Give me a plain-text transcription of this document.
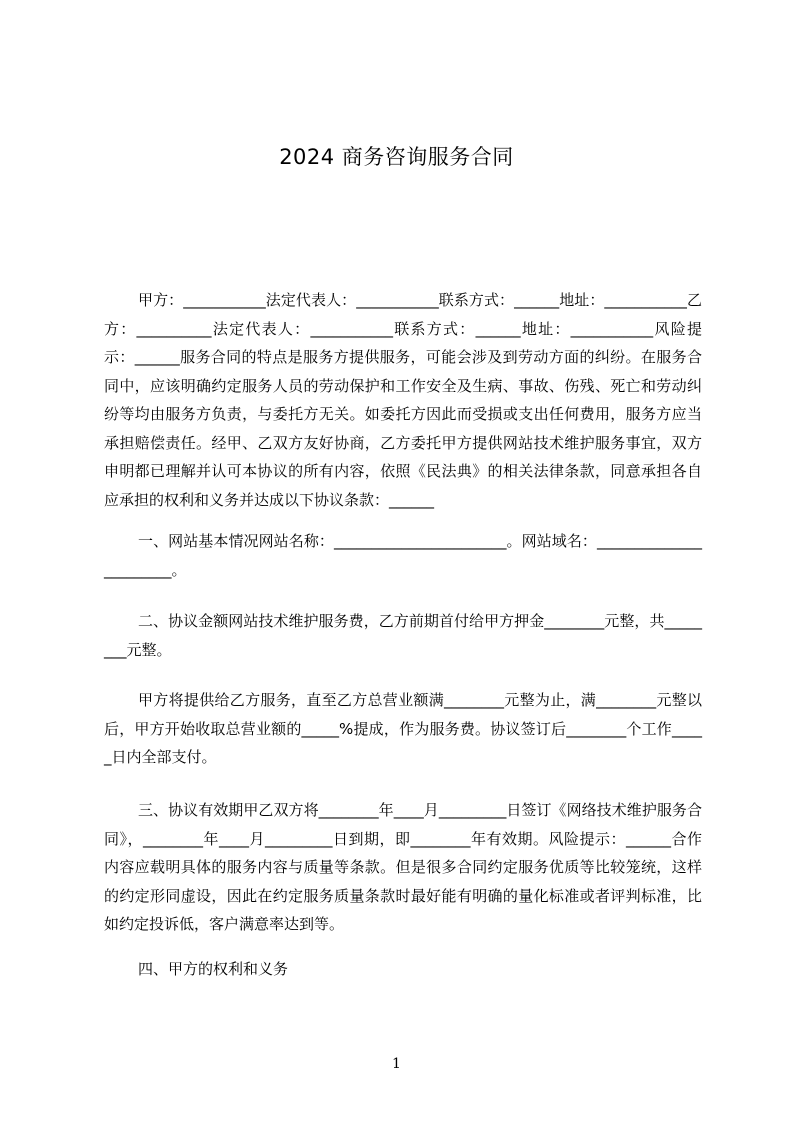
2024 商务咨询服务合同
甲方：___________法定代表人：___________联系方式：______地址：___________乙方：__________法定代表人：___________联系方式：______地址：___________风险提示：______服务合同的特点是服务方提供服务，可能会涉及到劳动方面的纠纷。在服务合同中，应该明确约定服务人员的劳动保护和工作安全及生病、事故、伤残、死亡和劳动纠纷等均由服务方负责，与委托方无关。如委托方因此而受损或支出任何费用，服务方应当承担赔偿责任。经甲、乙双方友好协商，乙方委托甲方提供网站技术维护服务事宜，双方申明都已理解并认可本协议的所有内容，依照《民法典》的相关法律条款，同意承担各自应承担的权利和义务并达成以下协议条款：______
一、网站基本情况网站名称：_______________________。网站域名：_______________________。
二、协议金额网站技术维护服务费，乙方前期首付给甲方押金________元整，共________元整。
甲方将提供给乙方服务，直至乙方总营业额满________元整为止，满________元整以后，甲方开始收取总营业额的_____%提成，作为服务费。协议签订后________个工作_____日内全部支付。
三、协议有效期甲乙双方将________年____月_________日签订《网络技术维护服务合同》，________年____月_________日到期，即________年有效期。风险提示：______合作内容应载明具体的服务内容与质量等条款。但是很多合同约定服务优质等比较笼统，这样的约定形同虚设，因此在约定服务质量条款时最好能有明确的量化标准或者评判标准，比如约定投诉低，客户满意率达到等。
四、甲方的权利和义务
1
